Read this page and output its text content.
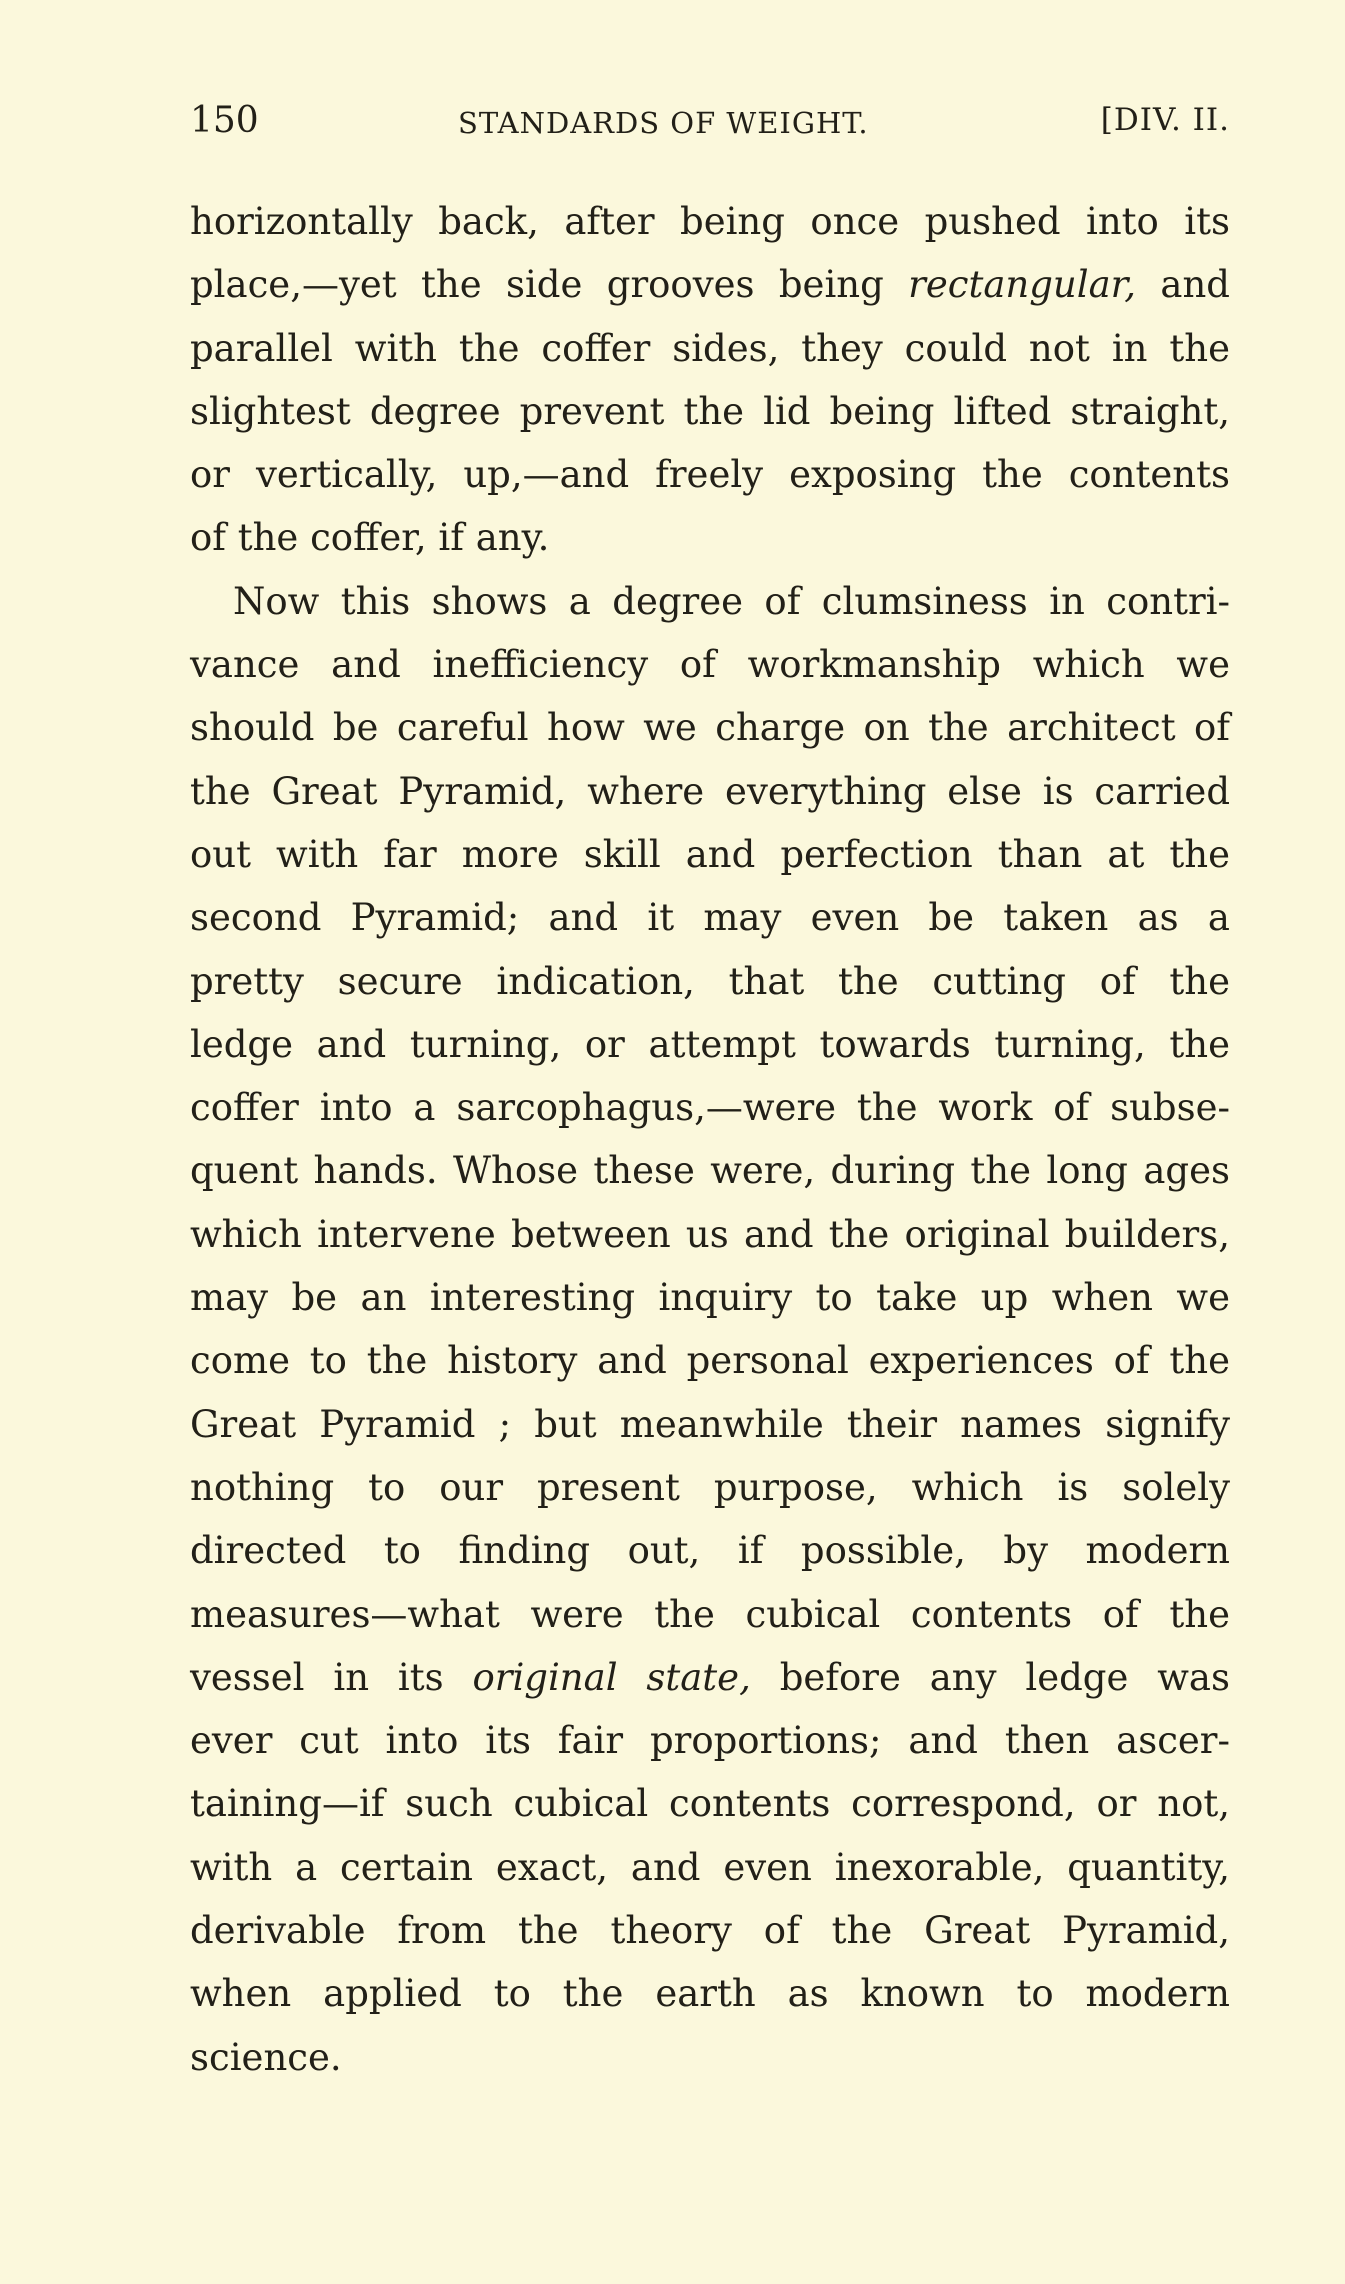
150	STANDARDS OF WEIGHT.	[DIV. II.
horizontally back, after being once pushed into its
place,—yet the side grooves being rectangular, and
parallel with the coffer sides, they could not in the
slightest degree prevent the lid being lifted straight,
or vertically, up,—and freely exposing the contents
of the coffer, if any.
Now this shows a degree of clumsiness in contri-
vance and inefficiency of workmanship which we
should be careful how we charge on the architect of
the Great Pyramid, where everything else is carried
out with far more skill and perfection than at the
second Pyramid; and it may even be taken as a
pretty secure indication, that the cutting of the
ledge and turning, or attempt towards turning, the
coffer into a sarcophagus,—were the work of subse-
quent hands. Whose these were, during the long ages
which intervene between us and the original builders,
may be an interesting inquiry to take up when we
come to the history and personal experiences of the
Great Pyramid ; but meanwhile their names signify
nothing to our present purpose, which is solely
directed to finding out, if possible, by modern
measures—what were the cubical contents of the
vessel in its original state, before any ledge was
ever cut into its fair proportions; and then ascer-
taining—if such cubical contents correspond, or not,
with a certain exact, and even inexorable, quantity,
derivable from the theory of the Great Pyramid,
when applied to the earth as known to modern
science.
